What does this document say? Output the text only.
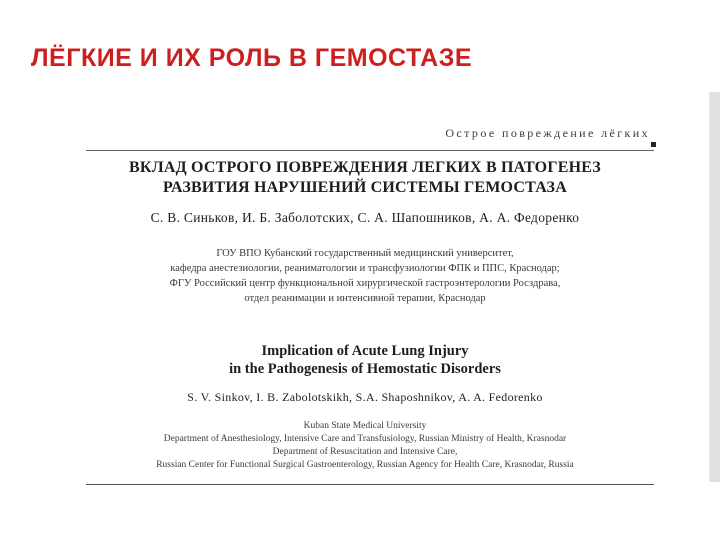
ЛЁГКИЕ И ИХ РОЛЬ В ГЕМОСТАЗЕ
Острое повреждение лёгких
ВКЛАД ОСТРОГО ПОВРЕЖДЕНИЯ ЛЕГКИХ В ПАТОГЕНЕЗ
РАЗВИТИЯ НАРУШЕНИЙ СИСТЕМЫ ГЕМОСТАЗА
С. В. Синьков, И. Б. Заболотских, С. А. Шапошников, А. А. Федоренко
ГОУ ВПО Кубанский государственный медицинский университет,
кафедра анестезиологии, реаниматологии и трансфузиологии ФПК и ППС, Краснодар;
ФГУ Российский центр функциональной хирургической гастроэнтерологии Росздрава,
отдел реанимации и интенсивной терапии, Краснодар
Implication of Acute Lung Injury
in the Pathogenesis of Hemostatic Disorders
S. V. Sinkov, I. B. Zabolotskikh, S.A. Shaposhnikov, A. A. Fedorenko
Kuban State Medical University
Department of Anesthesiology, Intensive Care and Transfusiology, Russian Ministry of Health, Krasnodar
Department of Resuscitation and Intensive Care,
Russian Center for Functional Surgical Gastroenterology, Russian Agency for Health Care, Krasnodar, Russia
